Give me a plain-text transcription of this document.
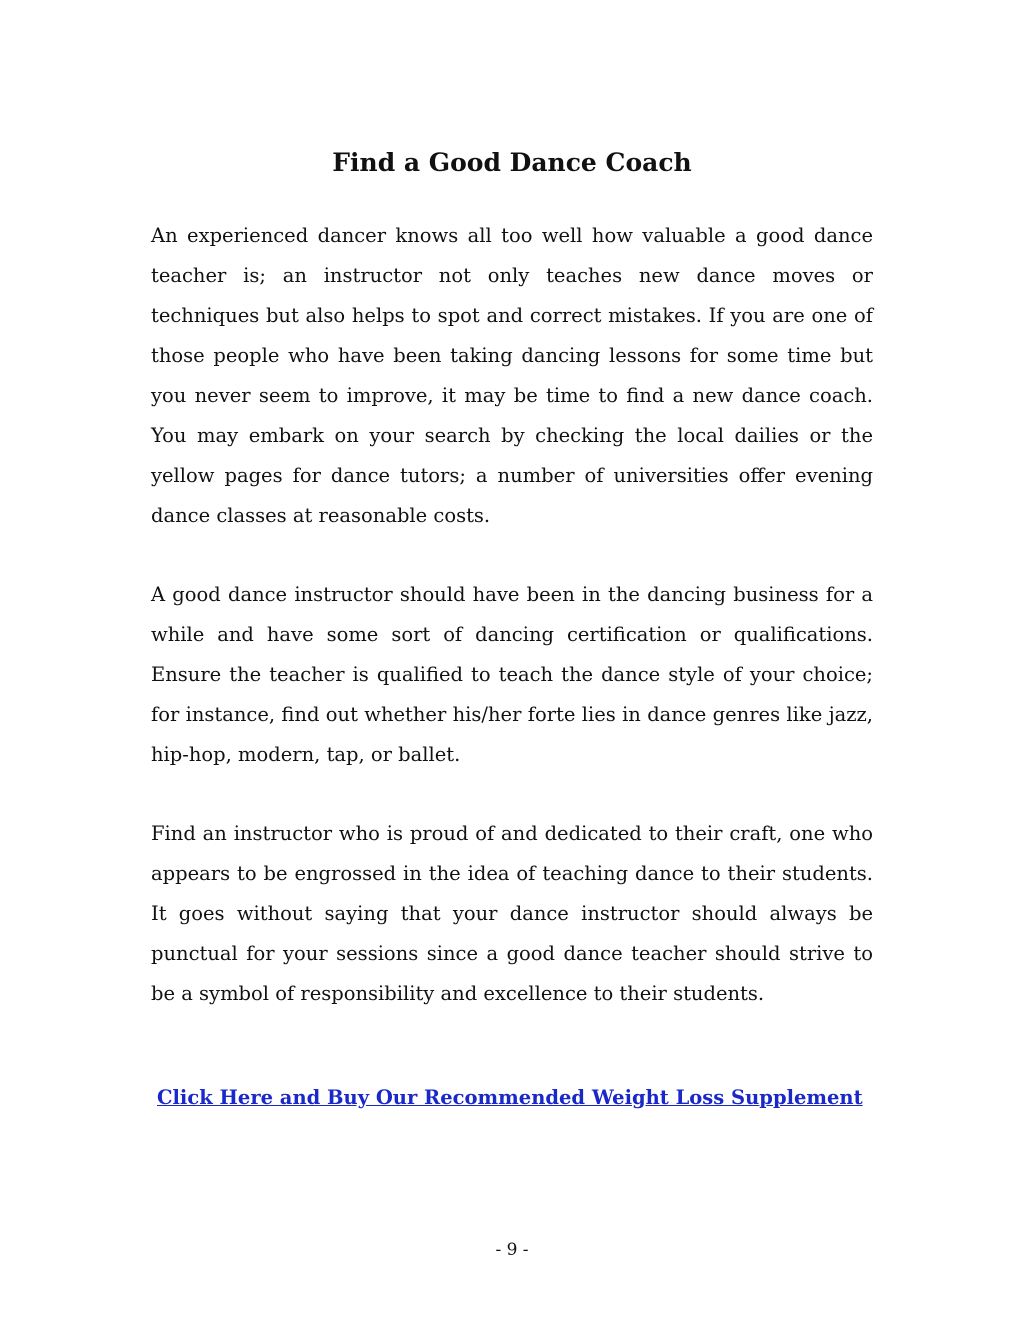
Find a Good Dance Coach

An experienced dancer knows all too well how valuable a good dance teacher is; an instructor not only teaches new dance moves or techniques but also helps to spot and correct mistakes. If you are one of those people who have been taking dancing lessons for some time but you never seem to improve, it may be time to find a new dance coach. You may embark on your search by checking the local dailies or the yellow pages for dance tutors; a number of universities offer evening dance classes at reasonable costs.

A good dance instructor should have been in the dancing business for a while and have some sort of dancing certification or qualifications. Ensure the teacher is qualified to teach the dance style of your choice; for instance, find out whether his/her forte lies in dance genres like jazz, hip-hop, modern, tap, or ballet.

Find an instructor who is proud of and dedicated to their craft, one who appears to be engrossed in the idea of teaching dance to their students. It goes without saying that your dance instructor should always be punctual for your sessions since a good dance teacher should strive to be a symbol of responsibility and excellence to their students.

Click Here and Buy Our Recommended Weight Loss Supplement
- 9 -
